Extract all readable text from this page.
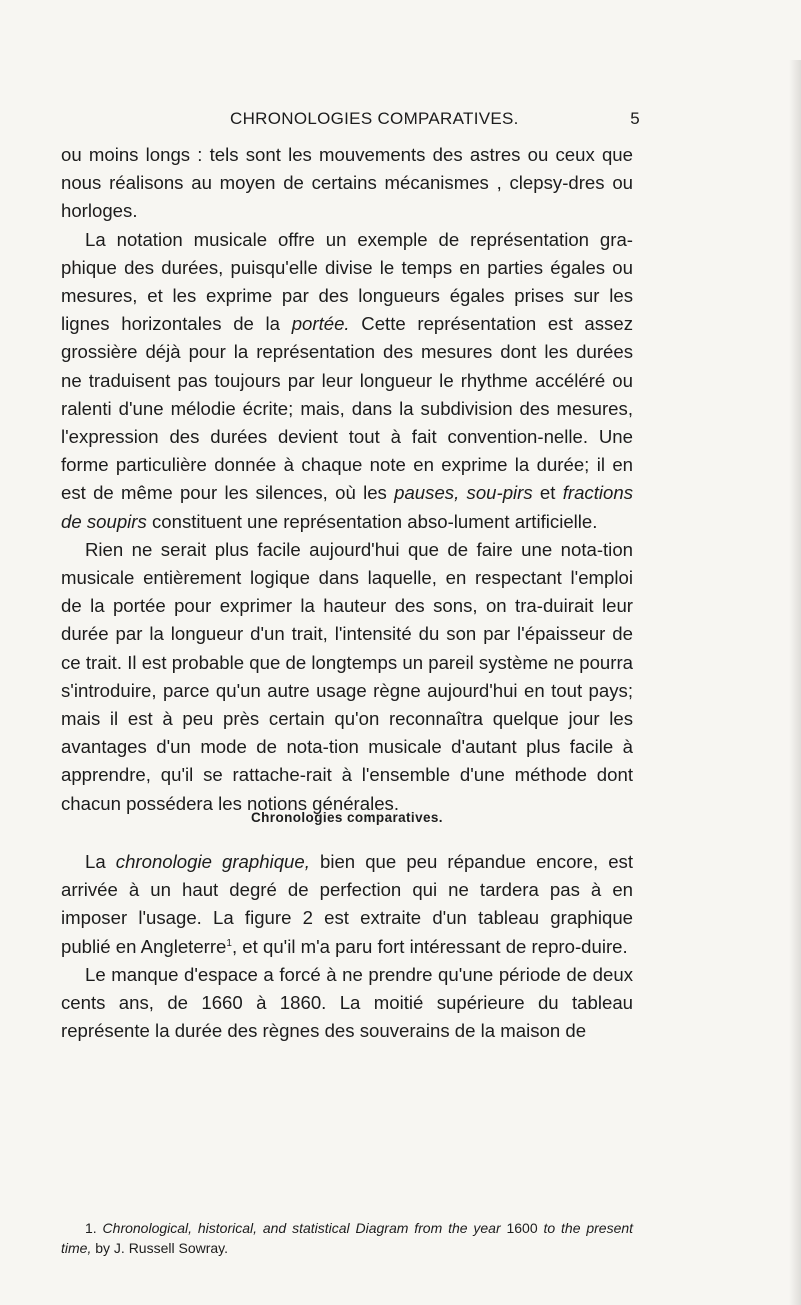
CHRONOLOGIES COMPARATIVES.	5

ou moins longs : tels sont les mouvements des astres ou ceux que nous réalisons au moyen de certains mécanismes , clepsy-dres ou horloges.

La notation musicale offre un exemple de représentation gra-phique des durées, puisqu'elle divise le temps en parties égales ou mesures, et les exprime par des longueurs égales prises sur les lignes horizontales de la portée. Cette représentation est assez grossière déjà pour la représentation des mesures dont les durées ne traduisent pas toujours par leur longueur le rhythme accéléré ou ralenti d'une mélodie écrite; mais, dans la subdivision des mesures, l'expression des durées devient tout à fait convention-nelle. Une forme particulière donnée à chaque note en exprime la durée; il en est de même pour les silences, où les pauses, sou-pirs et fractions de soupirs constituent une représentation abso-lument artificielle.

Rien ne serait plus facile aujourd'hui que de faire une nota-tion musicale entièrement logique dans laquelle, en respectant l'emploi de la portée pour exprimer la hauteur des sons, on tra-duirait leur durée par la longueur d'un trait, l'intensité du son par l'épaisseur de ce trait. Il est probable que de longtemps un pareil système ne pourra s'introduire, parce qu'un autre usage règne aujourd'hui en tout pays; mais il est à peu près certain qu'on reconnaîtra quelque jour les avantages d'un mode de nota-tion musicale d'autant plus facile à apprendre, qu'il se rattache-rait à l'ensemble d'une méthode dont chacun possédera les notions générales.

Chronologies comparatives.

La chronologie graphique, bien que peu répandue encore, est arrivée à un haut degré de perfection qui ne tardera pas à en imposer l'usage. La figure 2 est extraite d'un tableau graphique publié en Angleterre$^1$, et qu'il m'a paru fort intéressant de repro-duire.

Le manque d'espace a forcé à ne prendre qu'une période de deux cents ans, de 1660 à 1860. La moitié supérieure du tableau représente la durée des règnes des souverains de la maison de

1. Chronological, historical, and statistical Diagram from the year 1600 to the present time, by J. Russell Sowray.
